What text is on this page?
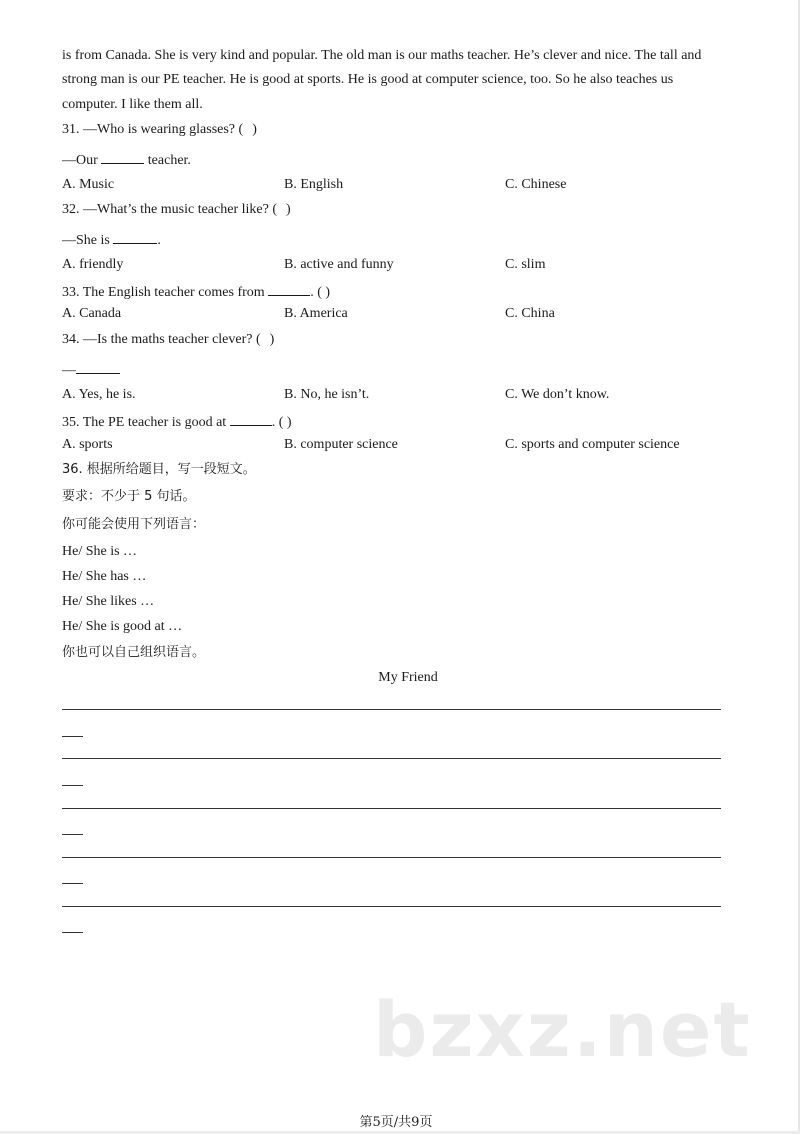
is from Canada. She is very kind and popular. The old man is our maths teacher. He’s clever and nice. The tall and
strong man is our PE teacher. He is good at sports. He is good at computer science, too. So he also teaches us
computer. I like them all.
31. —Who is wearing glasses? ( )
—Our	teacher.
A. Music	B. English	C. Chinese
32. —What’s the music teacher like? ( )
—She is	.
A. friendly	B. active and funny	C. slim
33. The English teacher comes from	. ( )
A. Canada	B. America	C. China
34. —Is the maths teacher clever? ( )
—
A. Yes, he is.	B. No, he isn’t.	C. We don’t know.
35. The PE teacher is good at	. ( )
A. sports	B. computer science	C. sports and computer science
36. 根据所给题目，写一段短文。
要求：不少于 5 句话。
你可能会使用下列语言：
He/ She is …
He/ She has …
He/ She likes …
He/ She is good at …
你也可以自己组织语言。
My Friend
bzxz.net
第5页/共9页
